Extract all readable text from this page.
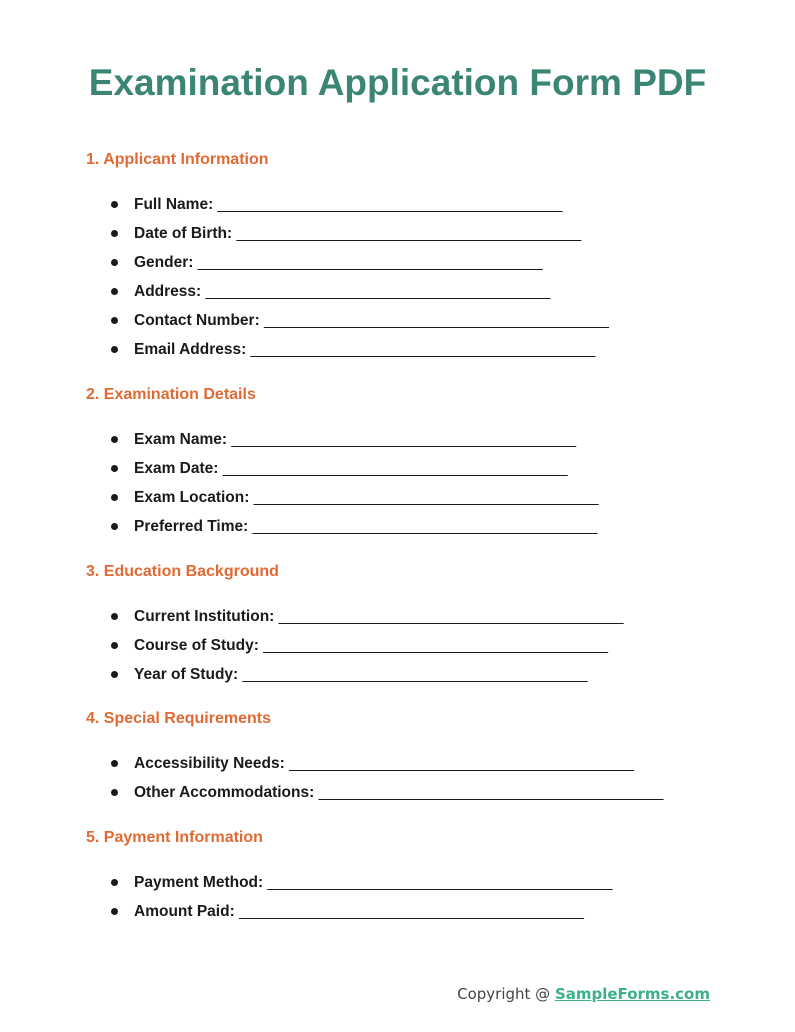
Examination Application Form PDF
1. Applicant Information
Full Name: ________________________________________
Date of Birth: ________________________________________
Gender: ________________________________________
Address: ________________________________________
Contact Number: ________________________________________
Email Address: ________________________________________
2. Examination Details
Exam Name: ________________________________________
Exam Date: ________________________________________
Exam Location: ________________________________________
Preferred Time: ________________________________________
3. Education Background
Current Institution: ________________________________________
Course of Study: ________________________________________
Year of Study: ________________________________________
4. Special Requirements
Accessibility Needs: ________________________________________
Other Accommodations: ________________________________________
5. Payment Information
Payment Method: ________________________________________
Amount Paid: ________________________________________
Copyright @ SampleForms.com
